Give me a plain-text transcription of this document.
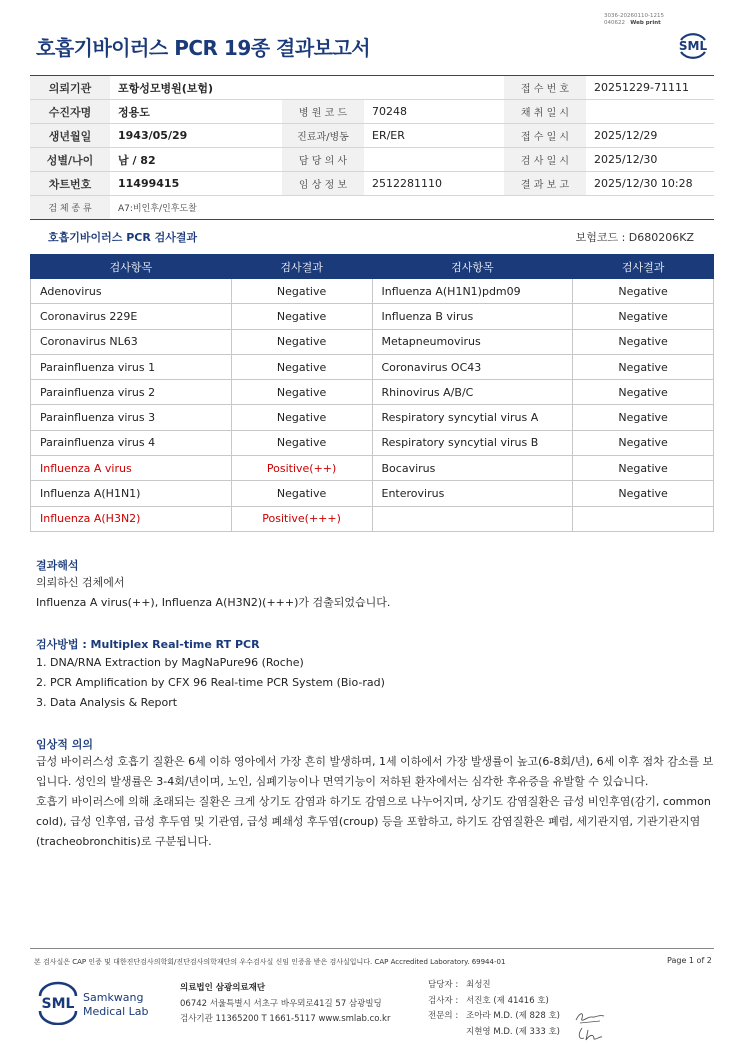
3036-20260110-1215
040622 Web print
호흡기바이러스 PCR 19종 결과보고서	SML
의뢰기관	포항성모병원(보험)			접 수 번 호	20251229-71111
수진자명	정용도	병 원 코 드	70248	채 취 일 시	
생년월일	1943/05/29	진료과/병동	ER/ER	접 수 일 시	2025/12/29
성별/나이	남 / 82	담 당 의 사		검 사 일 시	2025/12/30
차트번호	11499415	임 상 정 보	2512281110	결 과 보 고	2025/12/30 10:28
검 체 종 류	A7:비인후/인후도찰				
호흡기바이러스 PCR 검사결과	보험코드 : D680206KZ
검사항목	검사결과	검사항목	검사결과
Adenovirus	Negative	Influenza A(H1N1)pdm09	Negative
Coronavirus 229E	Negative	Influenza B virus	Negative
Coronavirus NL63	Negative	Metapneumovirus	Negative
Parainfluenza virus 1	Negative	Coronavirus OC43	Negative
Parainfluenza virus 2	Negative	Rhinovirus A/B/C	Negative
Parainfluenza virus 3	Negative	Respiratory syncytial virus A	Negative
Parainfluenza virus 4	Negative	Respiratory syncytial virus B	Negative
Influenza A virus	Positive(++)	Bocavirus	Negative
Influenza A(H1N1)	Negative	Enterovirus	Negative
Influenza A(H3N2)	Positive(+++)		
결과해석
의뢰하신 검체에서
Influenza A virus(++), Influenza A(H3N2)(+++)가 검출되었습니다.
검사방법 : Multiplex Real-time RT PCR
1. DNA/RNA Extraction by MagNaPure96 (Roche)
2. PCR Amplification by CFX 96 Real-time PCR System (Bio-rad)
3. Data Analysis & Report
임상적 의의
급성 바이러스성 호흡기 질환은 6세 이하 영아에서 가장 흔히 발생하며, 1세 이하에서 가장 발생률이 높고(6-8회/년), 6세 이후 점차 감소를 보입니다. 성인의 발생률은 3-4회/년이며, 노인, 심폐기능이나 면역기능이 저하된 환자에서는 심각한 후유증을 유발할 수 있습니다.
호흡기 바이러스에 의해 초래되는 질환은 크게 상기도 감염과 하기도 감염으로 나누어지며, 상기도 감염질환은 급성 비인후염(감기, common cold), 급성 인후염, 급성 후두염 및 기관염, 급성 폐쇄성 후두염(croup) 등을 포함하고, 하기도 감염질환은 폐렴, 세기관지염, 기관기관지염(tracheobronchitis)로 구분됩니다.
본 검사실은 CAP 인증 및 대한진단검사의학회/진단검사의학재단의 우수검사실 신임 인증을 받은 검사실입니다. CAP Accredited Laboratory. 69944-01	Page 1 of 2
SML Samkwang
Medical Lab
의료법인 삼광의료재단
06742 서울특별시 서초구 바우뫼로41길 57 삼광빌딩
검사기관 11365200 T 1661-5117 www.smlab.co.kr
담당자 : 최성진
검사자 : 서진호 (제 41416 호)
전문의 : 조아라 M.D. (제 828 호)
지현영 M.D. (제 333 호)
